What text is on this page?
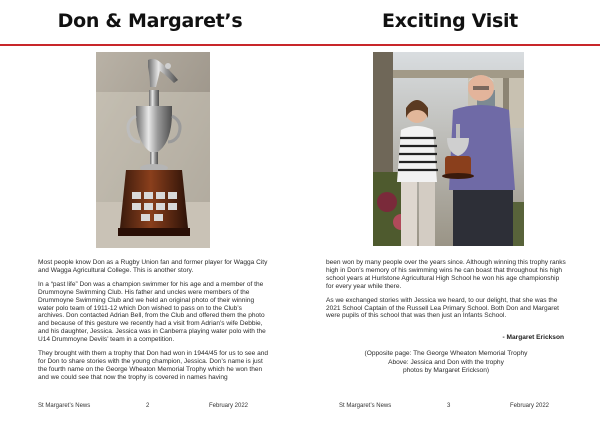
Don & Margaret’s

Most people know Don as a Rugby Union fan and former player for Wagga City and Wagga Agricultural College. This is another story.

In a “past life” Don was a champion swimmer for his age and a member of the Drummoyne Swimming Club. His father and uncles were members of the Drummoyne Swimming Club and we held an original photo of their winning water polo team of 1911-12 which Don wished to pass on to the Club’s archives. Don contacted Adrian Bell, from the Club and offered them the photo and because of this gesture we recently had a visit from Adrian’s wife Debbie, and his daughter, Jessica. Jessica was in Canberra playing water polo with the U14 Drummoyne Devils’ team in a competition.

They brought with them a trophy that Don had won in 1944/45 for us to see and for Don to share stories with the young champion, Jessica. Don’s name is just the fourth name on the George Wheaton Memorial Trophy which he won then and we could see that now the trophy is covered in names having

St Margaret’s News	2	February 2022
Exciting Visit

been won by many people over the years since. Although winning this trophy ranks high in Don’s memory of his swimming wins he can boast that throughout his high school years at Hurlstone Agricultural High School he won his age championship for every year while there.

As we exchanged stories with Jessica we heard, to our delight, that she was the 2021 School Captain of the Russell Lea Primary School. Both Don and Margaret were pupils of this school that was then just an Infants School.

- Margaret Erickson
(Opposite page: The George Wheaton Memorial Trophy
Above: Jessica and Don with the trophy
photos by Margaret Erickson)
St Margaret’s News	3	February 2022
